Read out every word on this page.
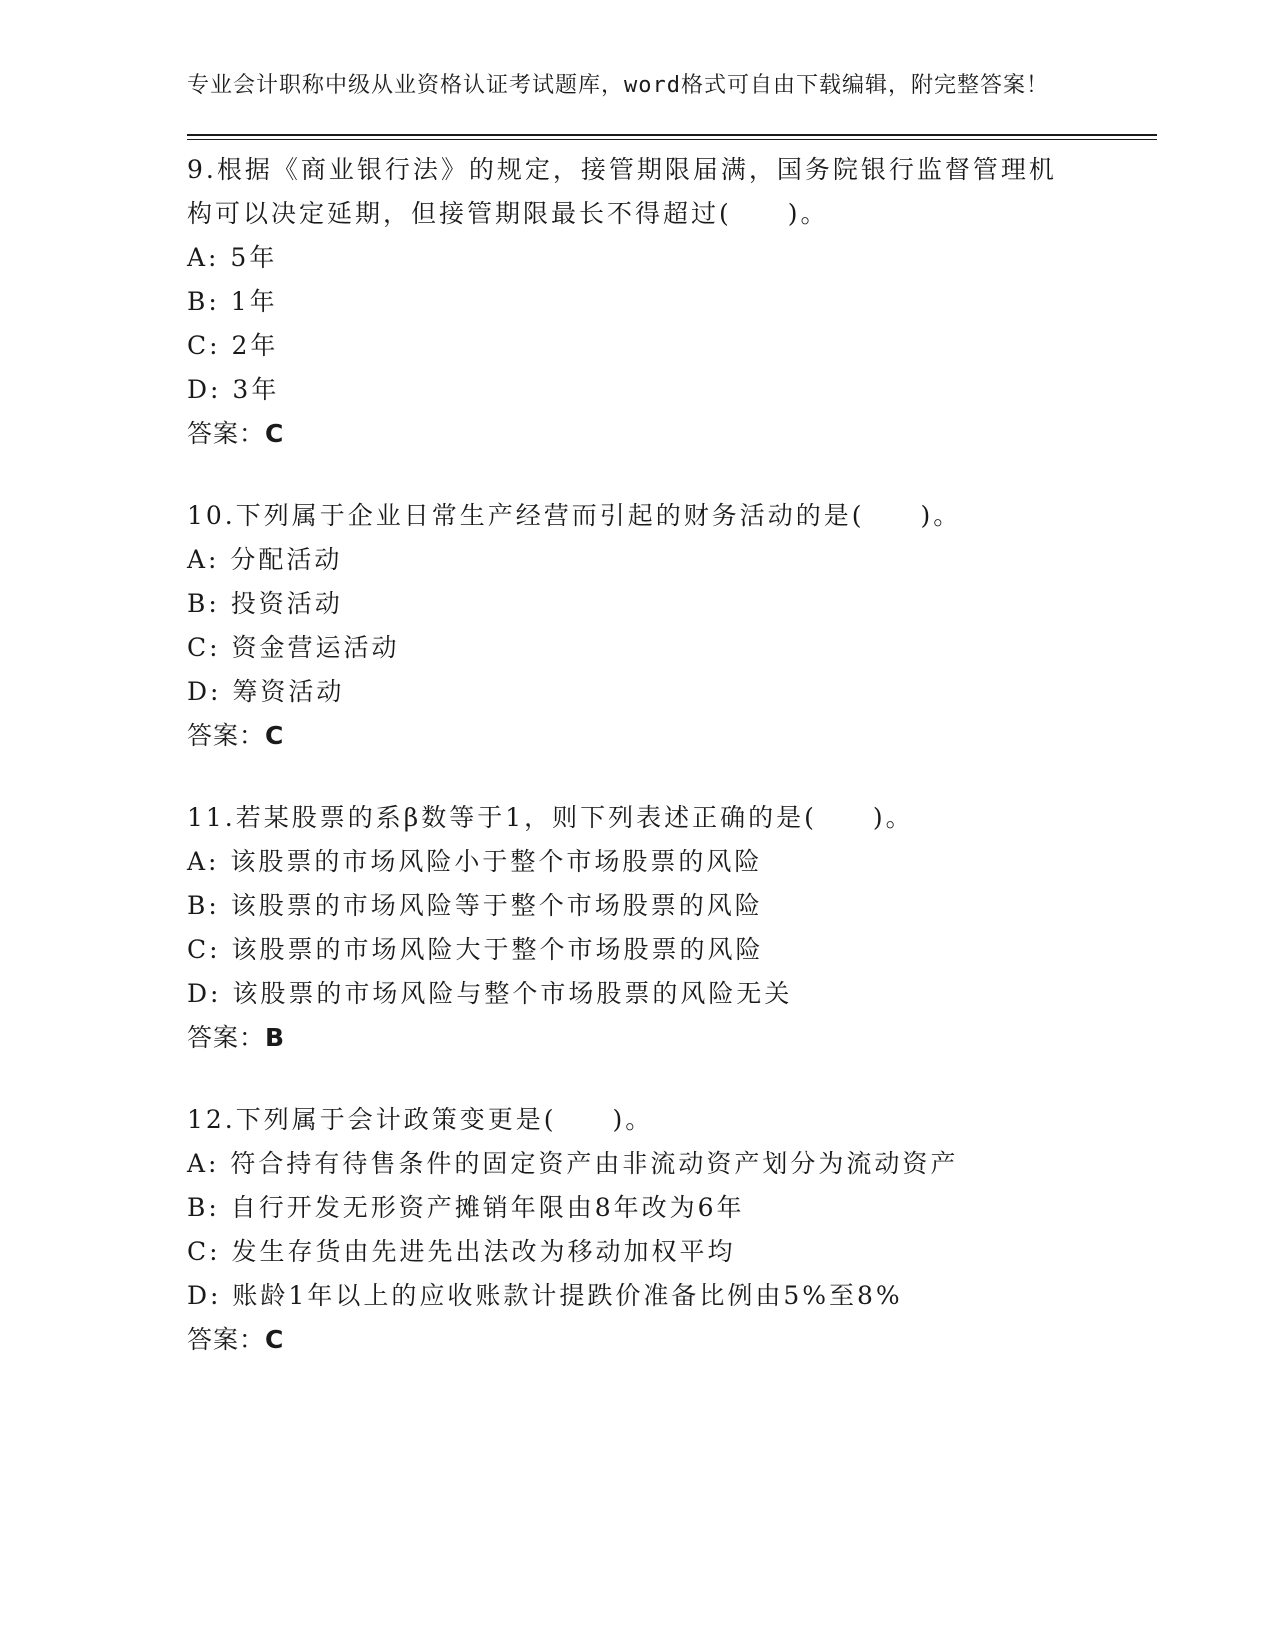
专业会计职称中级从业资格认证考试题库，word格式可自由下载编辑，附完整答案！

9.根据《商业银行法》的规定，接管期限届满，国务院银行监督管理机构可以决定延期，但接管期限最长不得超过(　　)。

A: 5年
B: 1年
C: 2年
D: 3年

答案：C

10.下列属于企业日常生产经营而引起的财务活动的是(　　)。

A: 分配活动
B: 投资活动
C: 资金营运活动
D: 筹资活动

答案：C

11.若某股票的系β数等于1，则下列表述正确的是(　　)。

A: 该股票的市场风险小于整个市场股票的风险
B: 该股票的市场风险等于整个市场股票的风险
C: 该股票的市场风险大于整个市场股票的风险
D: 该股票的市场风险与整个市场股票的风险无关

答案：B

12.下列属于会计政策变更是(　　)。

A: 符合持有待售条件的固定资产由非流动资产划分为流动资产
B: 自行开发无形资产摊销年限由8年改为6年
C: 发生存货由先进先出法改为移动加权平均
D: 账龄1年以上的应收账款计提跌价准备比例由5%至8%

答案：C
